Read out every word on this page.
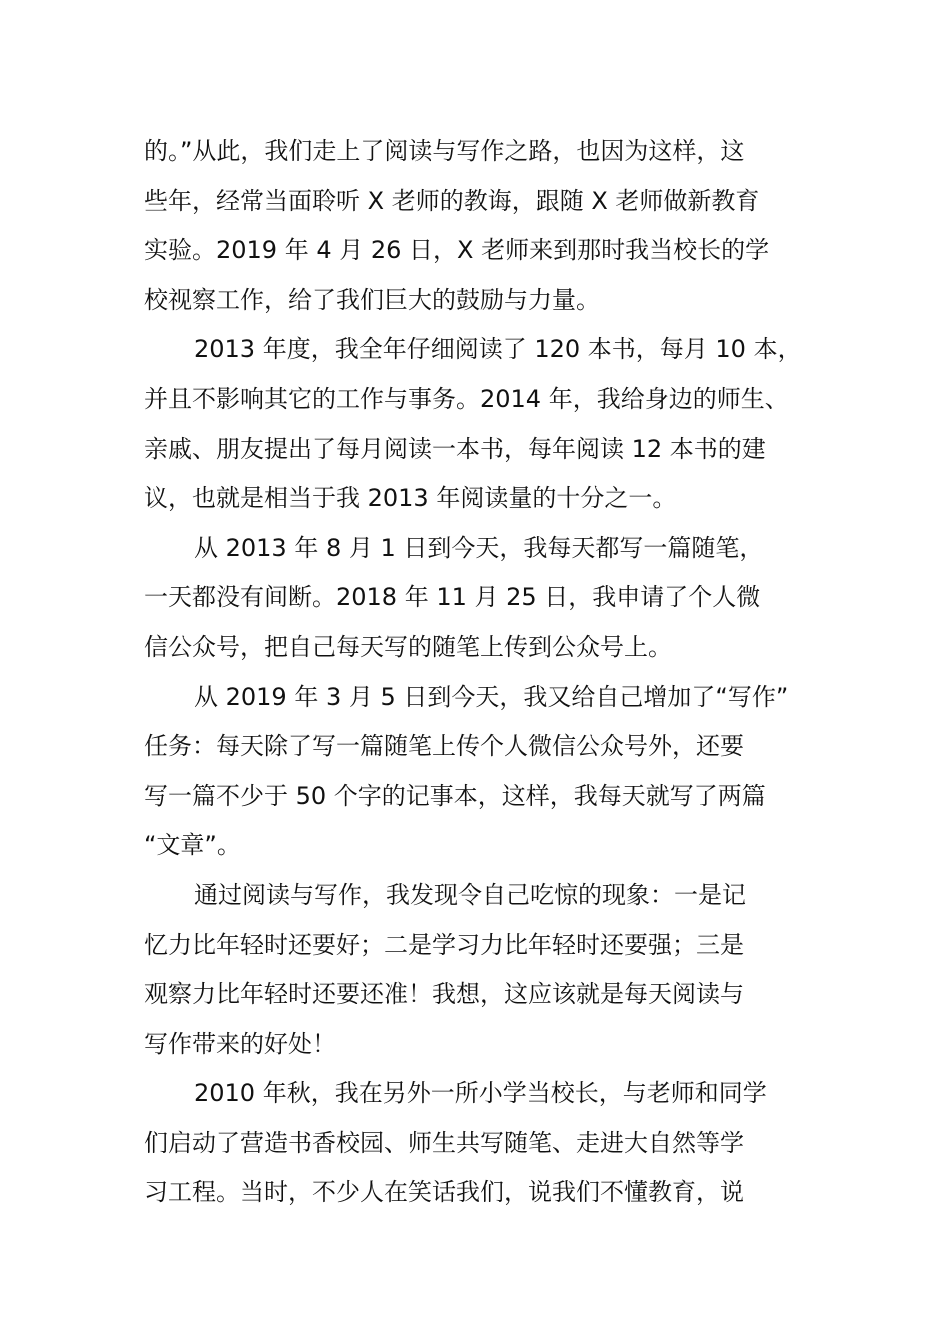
的。”从此，我们走上了阅读与写作之路，也因为这样，这
些年，经常当面聆听 X 老师的教诲，跟随 X 老师做新教育
实验。2019 年 4 月 26 日，X 老师来到那时我当校长的学
校视察工作，给了我们巨大的鼓励与力量。
2013 年度，我全年仔细阅读了 120 本书，每月 10 本，
并且不影响其它的工作与事务。2014 年，我给身边的师生、
亲戚、朋友提出了每月阅读一本书，每年阅读 12 本书的建
议，也就是相当于我 2013 年阅读量的十分之一。
从 2013 年 8 月 1 日到今天，我每天都写一篇随笔，
一天都没有间断。2018 年 11 月 25 日，我申请了个人微
信公众号，把自己每天写的随笔上传到公众号上。
从 2019 年 3 月 5 日到今天，我又给自己增加了“写作”
任务：每天除了写一篇随笔上传个人微信公众号外，还要
写一篇不少于 50 个字的记事本，这样，我每天就写了两篇
“文章”。
通过阅读与写作，我发现令自己吃惊的现象：一是记
忆力比年轻时还要好；二是学习力比年轻时还要强；三是
观察力比年轻时还要还准！我想，这应该就是每天阅读与
写作带来的好处！
2010 年秋，我在另外一所小学当校长，与老师和同学
们启动了营造书香校园、师生共写随笔、走进大自然等学
习工程。当时，不少人在笑话我们，说我们不懂教育，说
